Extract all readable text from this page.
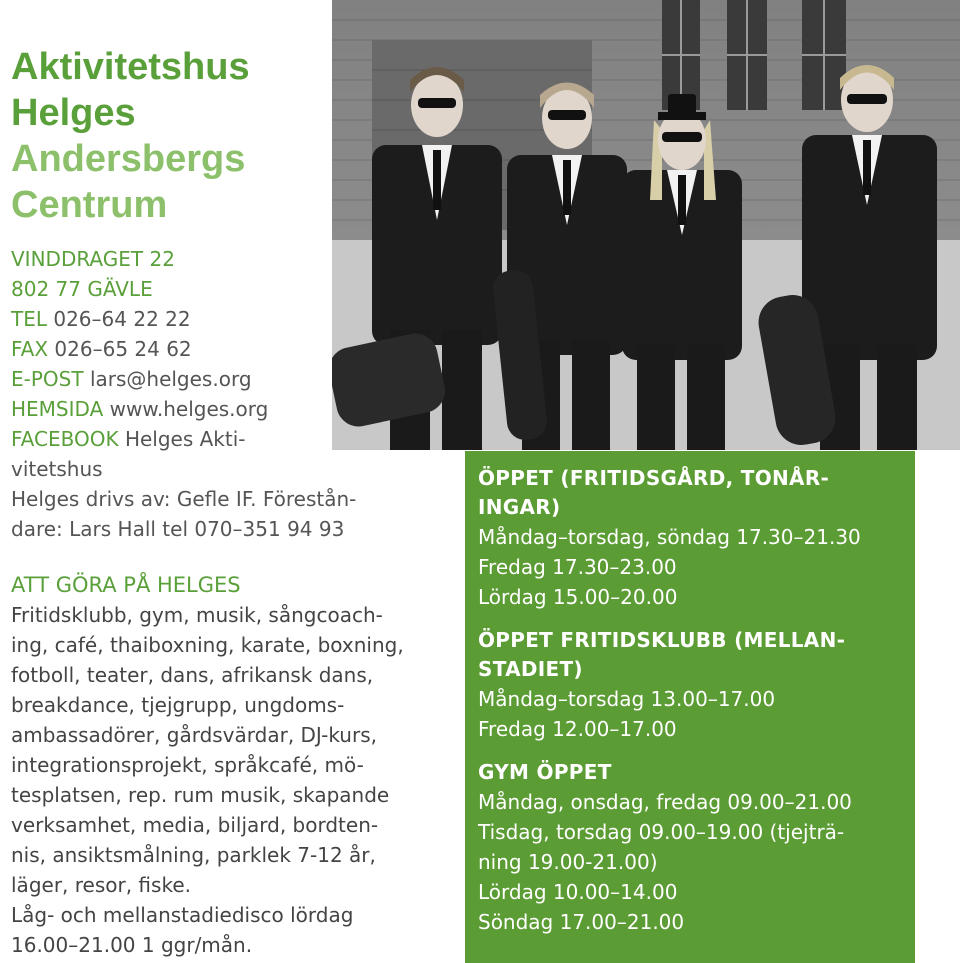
Aktivitetshus
Helges
Andersbergs
Centrum
VINDDRAGET 22
802 77 GÄVLE
TEL 026–64 22 22
FAX 026–65 24 62
E-POST lars@helges.org
HEMSIDA www.helges.org
FACEBOOK Helges Akti-
vitetshus
Helges drivs av: Gefle IF. Förestån-
dare: Lars Hall tel 070–351 94 93
ATT GÖRA PÅ HELGES
Fritidsklubb, gym, musik, sångcoach-
ing, café, thaiboxning, karate, boxning,
fotboll, teater, dans, afrikansk dans,
breakdance, tjejgrupp, ungdoms-
ambassadörer, gårdsvärdar, DJ-kurs,
integrationsprojekt, språkcafé, mö-
tesplatsen, rep. rum musik, skapande
verksamhet, media, biljard, bordten-
nis, ansiktsmålning, parklek 7-12 år,
läger, resor, fiske.
Låg- och mellanstadiedisco lördag
16.00–21.00 1 ggr/mån.
ÖPPET (FRITIDSGÅRD, TONÅR-
INGAR)
Måndag–torsdag, söndag 17.30–21.30
Fredag 17.30–23.00
Lördag 15.00–20.00
ÖPPET FRITIDSKLUBB (MELLAN-
STADIET)
Måndag–torsdag 13.00–17.00
Fredag 12.00–17.00
GYM ÖPPET
Måndag, onsdag, fredag 09.00–21.00
Tisdag, torsdag 09.00–19.00 (tjejträ-
ning 19.00-21.00)
Lördag 10.00–14.00
Söndag 17.00–21.00
